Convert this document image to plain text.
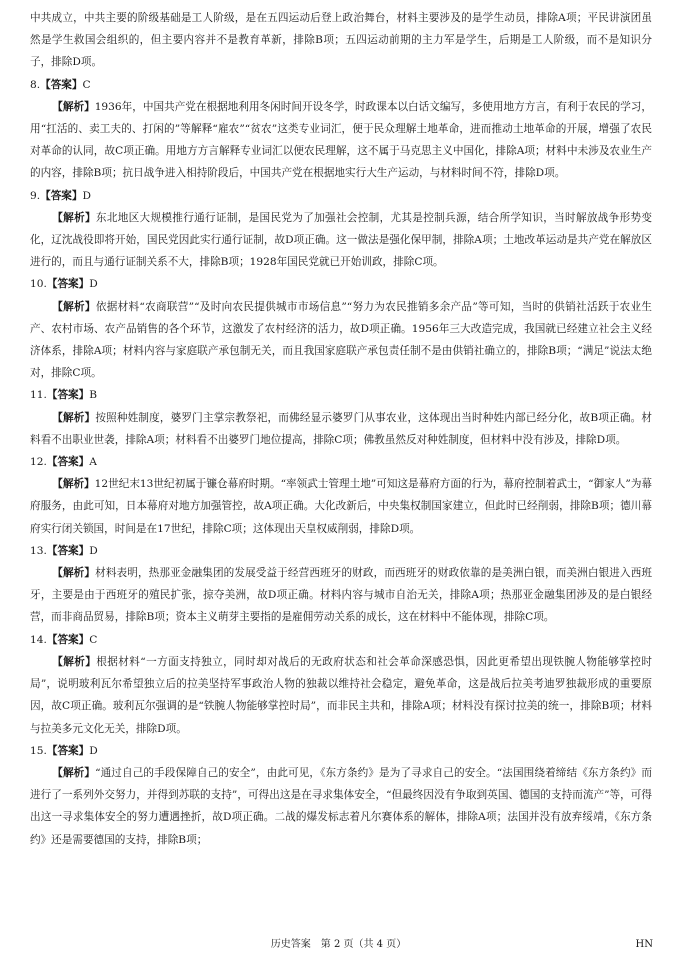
中共成立，中共主要的阶级基础是工人阶级，是在五四运动后登上政治舞台，材料主要涉及的是学生动员，排除A项；平民讲演团虽然是学生救国会组织的，但主要内容并不是教育革新，排除B项；五四运动前期的主力军是学生，后期是工人阶级，而不是知识分子，排除D项。

8.【答案】C

【解析】1936年，中国共产党在根据地利用冬闲时间开设冬学，时政课本以白话文编写，多使用地方方言，有利于农民的学习，用“扛活的、卖工夫的、打闲的”等解释“雇农”“贫农”这类专业词汇，便于民众理解土地革命，进而推动土地革命的开展，增强了农民对革命的认同，故C项正确。用地方方言解释专业词汇以便农民理解，这不属于马克思主义中国化，排除A项；材料中未涉及农业生产的内容，排除B项；抗日战争进入相持阶段后，中国共产党在根据地实行大生产运动，与材料时间不符，排除D项。

9.【答案】D

【解析】东北地区大规模推行通行证制，是国民党为了加强社会控制，尤其是控制兵源，结合所学知识，当时解放战争形势变化，辽沈战役即将开始，国民党因此实行通行证制，故D项正确。这一做法是强化保甲制，排除A项；土地改革运动是共产党在解放区进行的，而且与通行证制关系不大，排除B项；1928年国民党就已开始训政，排除C项。

10.【答案】D

【解析】依据材料“农商联营”“及时向农民提供城市市场信息”“努力为农民推销多余产品”等可知，当时的供销社活跃于农业生产、农村市场、农产品销售的各个环节，这激发了农村经济的活力，故D项正确。1956年三大改造完成，我国就已经建立社会主义经济体系，排除A项；材料内容与家庭联产承包制无关，而且我国家庭联产承包责任制不是由供销社确立的，排除B项；“满足”说法太绝对，排除C项。

11.【答案】B

【解析】按照种姓制度，婆罗门主掌宗教祭祀，而佛经显示婆罗门从事农业，这体现出当时种姓内部已经分化，故B项正确。材料看不出职业世袭，排除A项；材料看不出婆罗门地位提高，排除C项；佛教虽然反对种姓制度，但材料中没有涉及，排除D项。

12.【答案】A

【解析】12世纪末13世纪初属于镰仓幕府时期。“率领武士管理土地”可知这是幕府方面的行为，幕府控制着武士，“御家人”为幕府服务，由此可知，日本幕府对地方加强管控，故A项正确。大化改新后，中央集权制国家建立，但此时已经削弱，排除B项；德川幕府实行闭关锁国，时间是在17世纪，排除C项；这体现出天皇权威削弱，排除D项。

13.【答案】D

【解析】材料表明，热那亚金融集团的发展受益于经营西班牙的财政，而西班牙的财政依靠的是美洲白银，而美洲白银进入西班牙，主要是由于西班牙的殖民扩张，掠夺美洲，故D项正确。材料内容与城市自治无关，排除A项；热那亚金融集团涉及的是白银经营，而非商品贸易，排除B项；资本主义萌芽主要指的是雇佣劳动关系的成长，这在材料中不能体现，排除C项。

14.【答案】C

【解析】根据材料“一方面支持独立，同时却对战后的无政府状态和社会革命深感恐惧，因此更希望出现铁腕人物能够掌控时局”，说明玻利瓦尔希望独立后的拉美坚持军事政治人物的独裁以维持社会稳定，避免革命，这是战后拉美考迪罗独裁形成的重要原因，故C项正确。玻利瓦尔强调的是“铁腕人物能够掌控时局”，而非民主共和，排除A项；材料没有探讨拉美的统一，排除B项；材料与拉美多元文化无关，排除D项。

15.【答案】D

【解析】“通过自己的手段保障自己的安全”，由此可见，《东方条约》是为了寻求自己的安全。“法国围绕着缔结《东方条约》而进行了一系列外交努力，并得到苏联的支持”，可得出这是在寻求集体安全，“但最终因没有争取到英国、德国的支持而流产”等，可得出这一寻求集体安全的努力遭遇挫折，故D项正确。二战的爆发标志着凡尔赛体系的解体，排除A项；法国并没有放弃绥靖，《东方条约》还是需要德国的支持，排除B项；

历史答案　第 2 页（共 4 页）	HN
